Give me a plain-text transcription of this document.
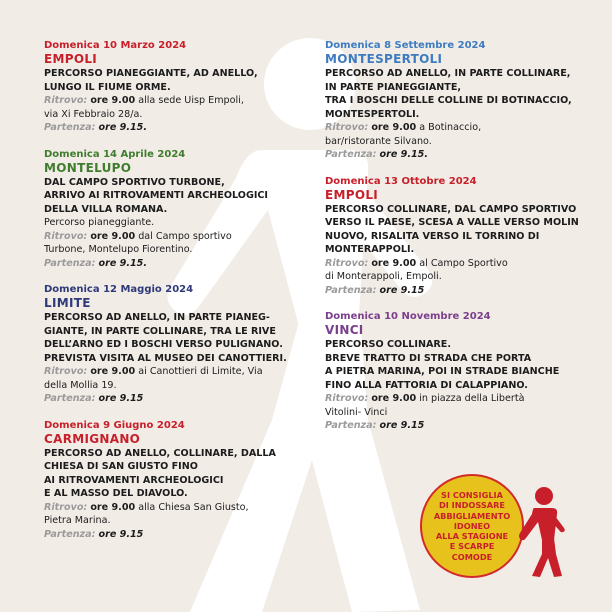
Domenica 10 Marzo 2024
EMPOLI
PERCORSO PIANEGGIANTE, AD ANELLO,
LUNGO IL FIUME ORME.
Ritrovo: ore 9.00 alla sede Uisp Empoli,
via Xi Febbraio 28/a.
Partenza: ore 9.15.
Domenica 14 Aprile 2024
MONTELUPO
DAL CAMPO SPORTIVO TURBONE,
ARRIVO AI RITROVAMENTI ARCHEOLOGICI
DELLA VILLA ROMANA.
Percorso pianeggiante.
Ritrovo: ore 9.00 dal Campo sportivo
Turbone, Montelupo Fiorentino.
Partenza: ore 9.15.
Domenica 12 Maggio 2024
LIMITE
PERCORSO AD ANELLO, IN PARTE PIANEG-
GIANTE, IN PARTE COLLINARE, TRA LE RIVE
DELL’ARNO ED I BOSCHI VERSO PULIGNANO.
PREVISTA VISITA AL MUSEO DEI CANOTTIERI.
Ritrovo: ore 9.00 ai Canottieri di Limite, Via
della Mollia 19.
Partenza: ore 9.15
Domenica 9 Giugno 2024
CARMIGNANO
PERCORSO AD ANELLO, COLLINARE, DALLA
CHIESA DI SAN GIUSTO FINO
AI RITROVAMENTI ARCHEOLOGICI
E AL MASSO DEL DIAVOLO.
Ritrovo: ore 9.00 alla Chiesa San Giusto,
Pietra Marina.
Partenza: ore 9.15
Domenica 8 Settembre 2024
MONTESPERTOLI
PERCORSO AD ANELLO, IN PARTE COLLINARE,
IN PARTE PIANEGGIANTE,
TRA I BOSCHI DELLE COLLINE DI BOTINACCIO,
MONTESPERTOLI.
Ritrovo: ore 9.00 a Botinaccio,
bar/ristorante Silvano.
Partenza: ore 9.15.
Domenica 13 Ottobre 2024
EMPOLI
PERCORSO COLLINARE, DAL CAMPO SPORTIVO
VERSO IL PAESE, SCESA A VALLE VERSO MOLIN
NUOVO, RISALITA VERSO IL TORRINO DI
MONTERAPPOLI.
Ritrovo: ore 9.00 al Campo Sportivo
di Monterappoli, Empoli.
Partenza: ore 9.15
Domenica 10 Novembre 2024
VINCI
PERCORSO COLLINARE.
BREVE TRATTO DI STRADA CHE PORTA
A PIETRA MARINA, POI IN STRADE BIANCHE
FINO ALLA FATTORIA DI CALAPPIANO.
Ritrovo: ore 9.00 in piazza della Libertà
Vitolini- Vinci
Partenza: ore 9.15
SI CONSIGLIA
DI INDOSSARE
ABBIGLIAMENTO
IDONEO
ALLA STAGIONE
E SCARPE
COMODE
